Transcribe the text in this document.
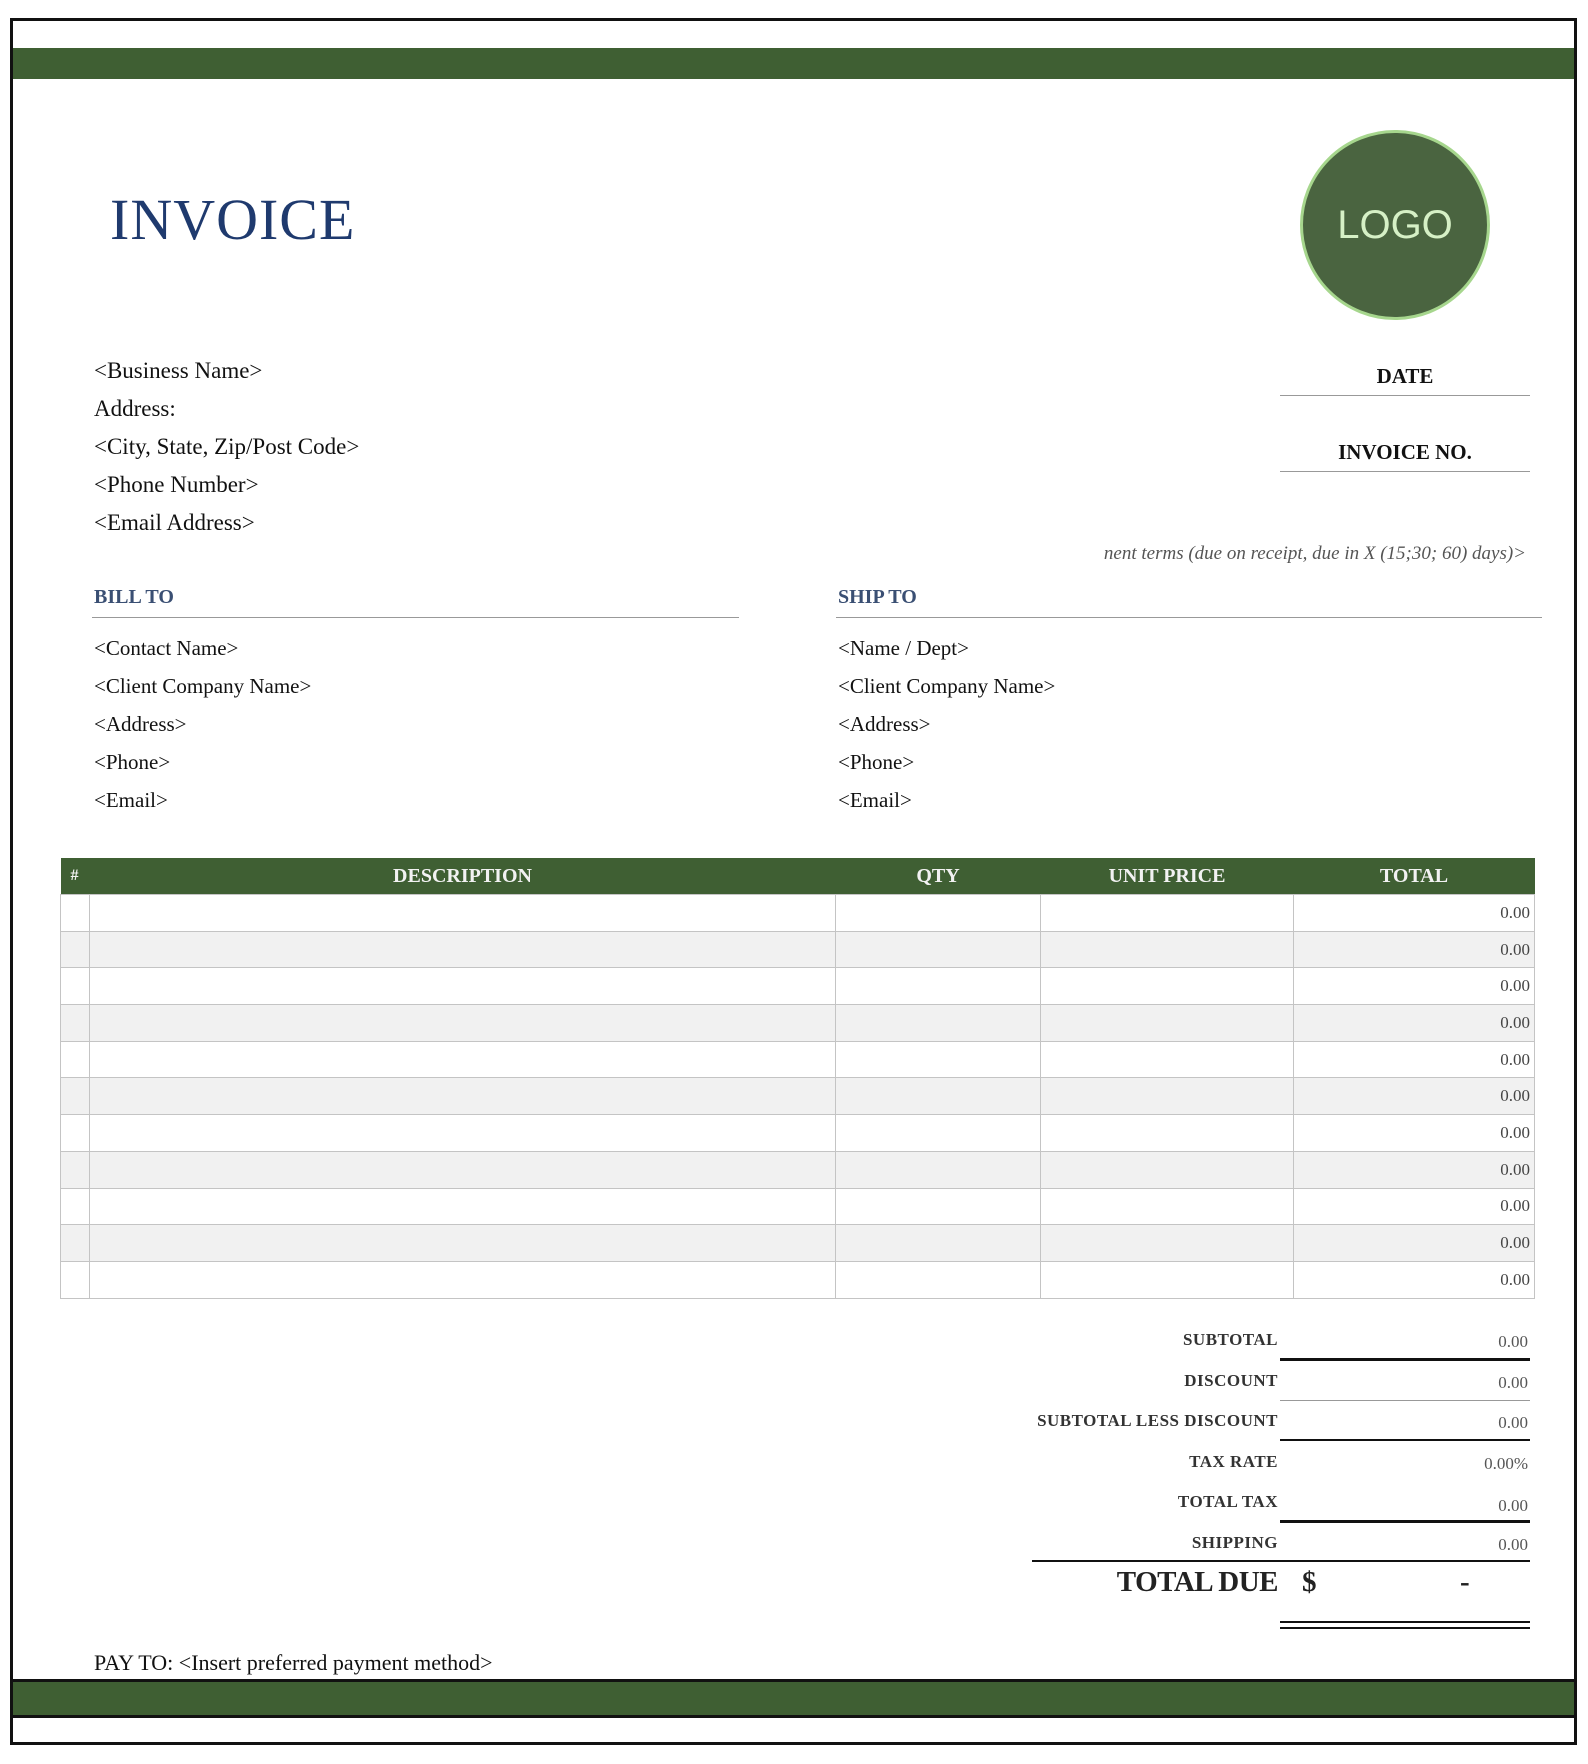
INVOICE	LOGO
<Business Name>
Address:
<City, State, Zip/Post Code>
<Phone Number>
<Email Address>
DATE
INVOICE NO.
nent terms (due on receipt, due in X (15;30; 60) days)>
BILL TO
<Contact Name>
<Client Company Name>
<Address>
<Phone>
<Email>
SHIP TO
<Name / Dept>
<Client Company Name>
<Address>
<Phone>
<Email>
#	DESCRIPTION	QTY	UNIT PRICE	TOTAL
				0.00
				0.00
				0.00
				0.00
				0.00
				0.00
				0.00
				0.00
				0.00
				0.00
				0.00
SUBTOTAL	0.00
DISCOUNT	0.00
SUBTOTAL LESS DISCOUNT	0.00
TAX RATE	0.00%
TOTAL TAX	0.00
SHIPPING	0.00
TOTAL DUE $	-
PAY TO: <Insert preferred payment method>
